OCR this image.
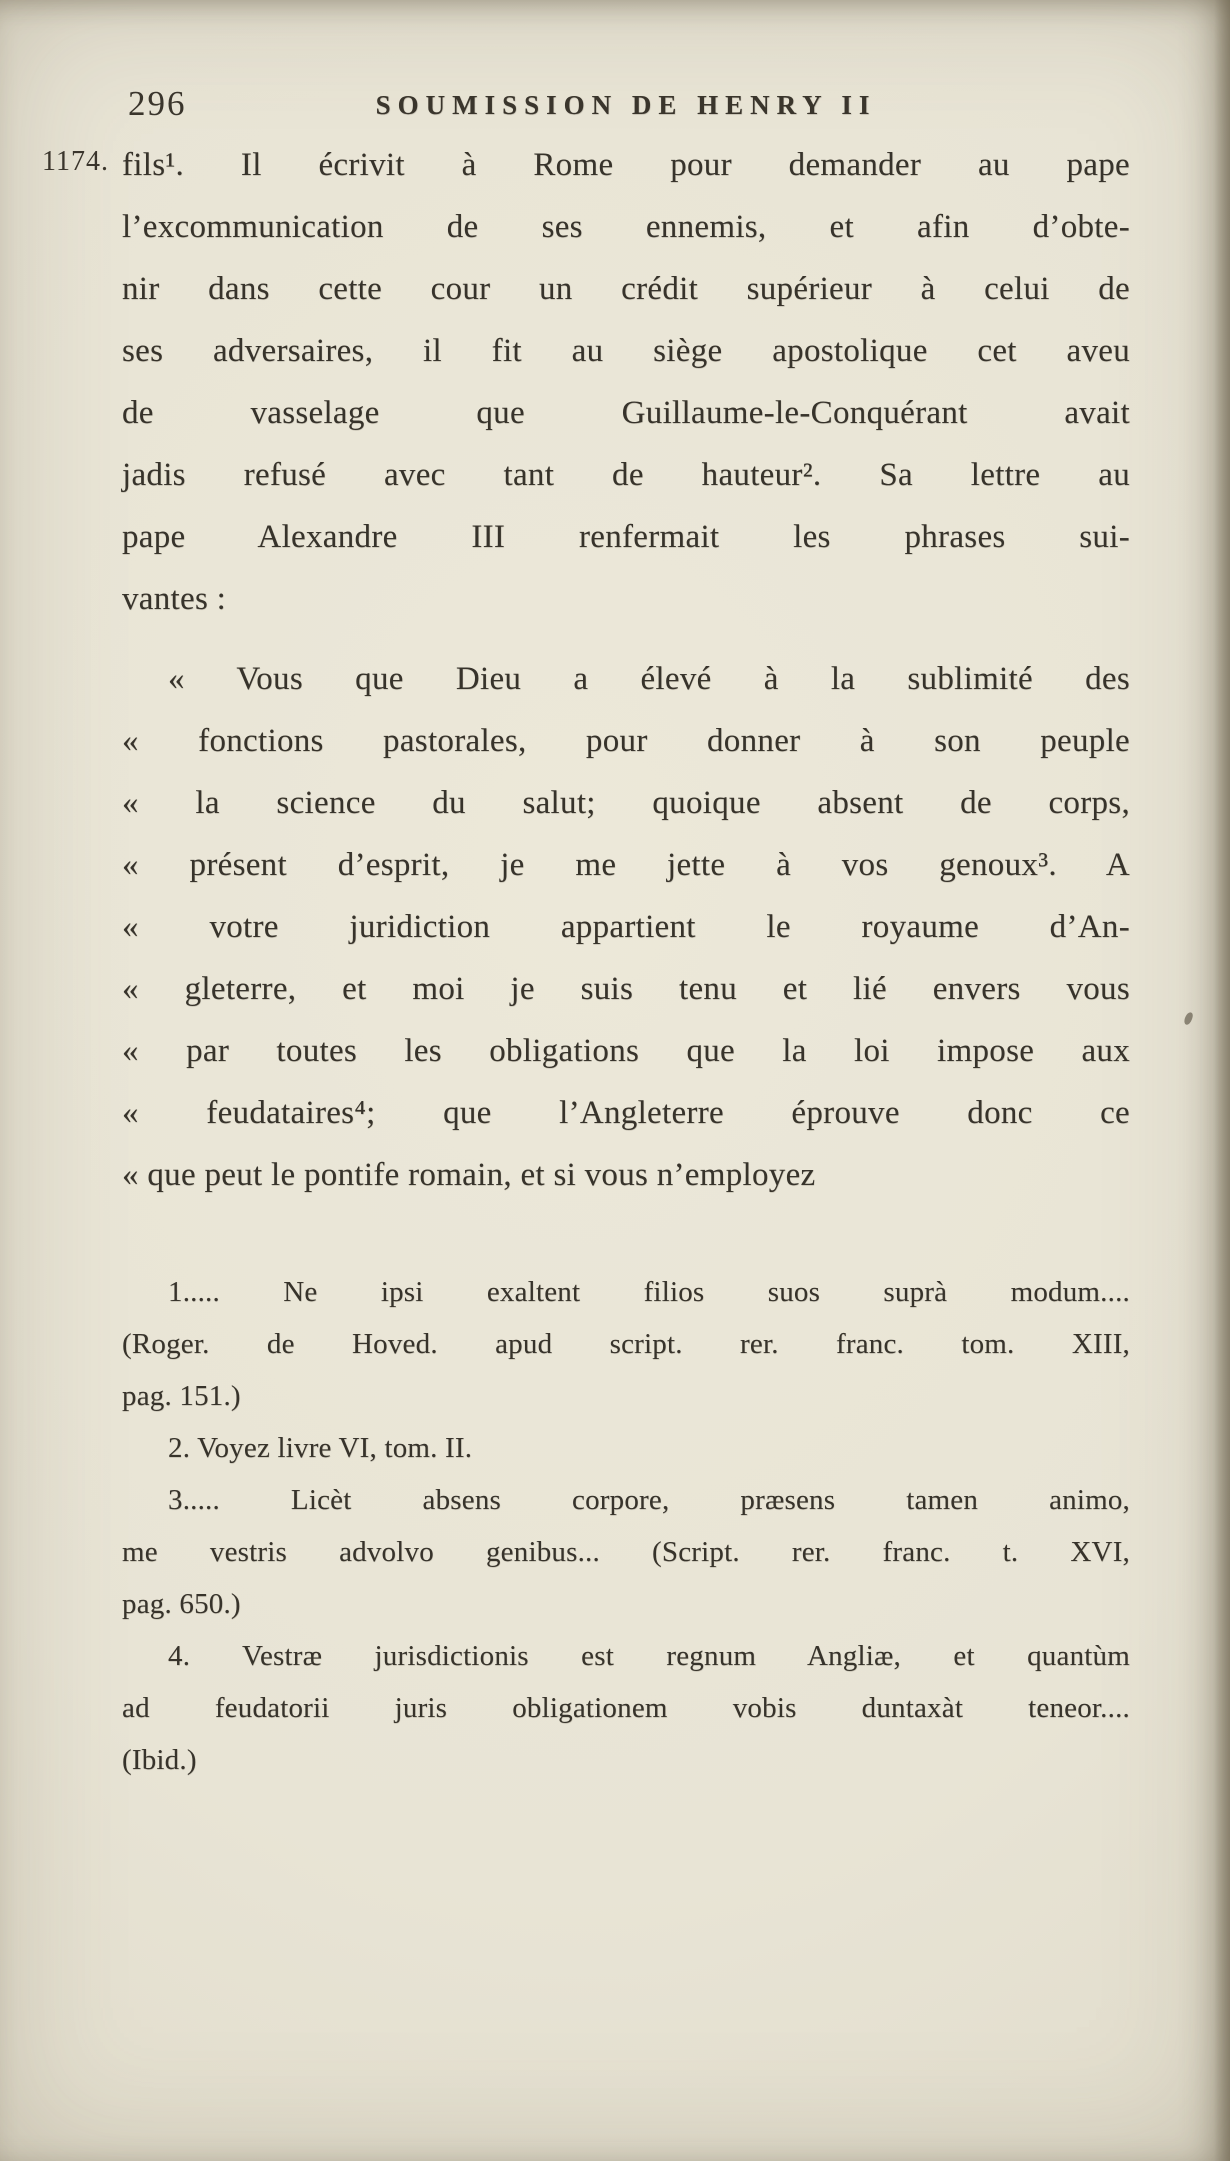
296	SOUMISSION DE HENRY II
1174. fils¹. Il écrivit à Rome pour demander au pape
l’excommunication de ses ennemis, et afin d’obte-
nir dans cette cour un crédit supérieur à celui de
ses adversaires, il fit au siège apostolique cet aveu
de vasselage que Guillaume-le-Conquérant avait
jadis refusé avec tant de hauteur². Sa lettre au
pape Alexandre III renfermait les phrases sui-
vantes :
« Vous que Dieu a élevé à la sublimité des
« fonctions pastorales, pour donner à son peuple
« la science du salut; quoique absent de corps,
« présent d’esprit, je me jette à vos genoux³. A
« votre juridiction appartient le royaume d’An-
« gleterre, et moi je suis tenu et lié envers vous
« par toutes les obligations que la loi impose aux
« feudataires⁴; que l’Angleterre éprouve donc ce
« que peut le pontife romain, et si vous n’employez
1..... Ne ipsi exaltent filios suos suprà modum....
(Roger. de Hoved. apud script. rer. franc. tom. XIII,
pag. 151.)
2. Voyez livre VI, tom. II.
3..... Licèt absens corpore, præsens tamen animo,
me vestris advolvo genibus... (Script. rer. franc. t. XVI,
pag. 650.)
4. Vestræ jurisdictionis est regnum Angliæ, et quantùm
ad feudatorii juris obligationem vobis duntaxàt teneor....
(Ibid.)
